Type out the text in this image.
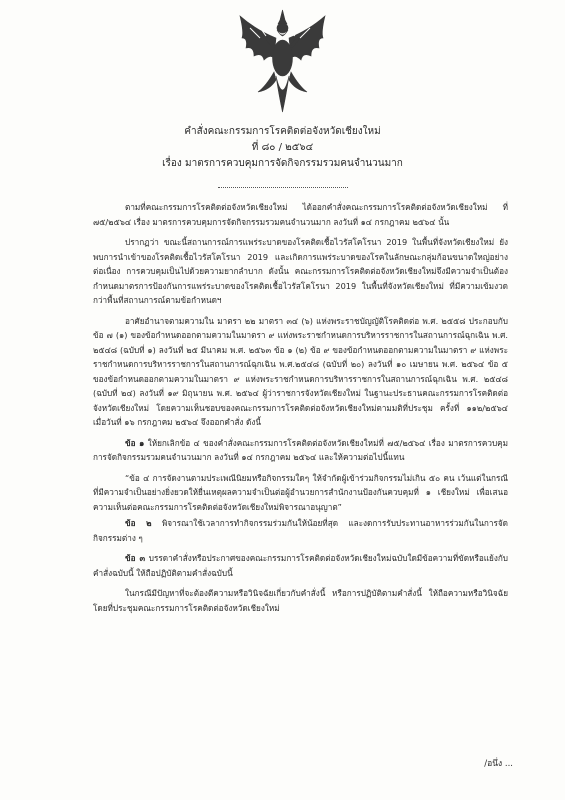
คำสั่งคณะกรรมการโรคติดต่อจังหวัดเชียงใหม่
ที่ ๘๐ / ๒๕๖๔
เรื่อง มาตรการควบคุมการจัดกิจกรรมรวมคนจำนวนมาก

ตามที่คณะกรรมการโรคติดต่อจังหวัดเชียงใหม่ ได้ออกคำสั่งคณะกรรมการโรคติดต่อจังหวัดเชียงใหม่ ที่ ๗๕/๒๕๖๔ เรื่อง มาตรการควบคุมการจัดกิจกรรมรวมคนจำนวนมาก ลงวันที่ ๑๔ กรกฎาคม ๒๕๖๔ นั้น

ปรากฏว่า ขณะนี้สถานการณ์การแพร่ระบาดของโรคติดเชื้อไวรัสโคโรนา 2019 ในพื้นที่จังหวัดเชียงใหม่ ยังพบการนำเข้าของโรคติดเชื้อไวรัสโคโรนา 2019 และเกิดการแพร่ระบาดของโรคในลักษณะกลุ่มก้อนขนาดใหญ่อย่างต่อเนื่อง การควบคุมเป็นไปด้วยความยากลำบาก ดังนั้น คณะกรรมการโรคติดต่อจังหวัดเชียงใหม่จึงมีความจำเป็นต้องกำหนดมาตรการป้องกันการแพร่ระบาดของโรคติดเชื้อไวรัสโคโรนา 2019 ในพื้นที่จังหวัดเชียงใหม่ ที่มีความเข้มงวดกว่าพื้นที่สถานการณ์ตามข้อกำหนดฯ

อาศัยอำนาจตามความใน มาตรา ๒๒ มาตรา ๓๔ (๖) แห่งพระราชบัญญัติโรคติดต่อ พ.ศ. ๒๕๕๘ ประกอบกับข้อ ๗ (๑) ของข้อกำหนดออกตามความในมาตรา ๙ แห่งพระราชกำหนดการบริหารราชการในสถานการณ์ฉุกเฉิน พ.ศ. ๒๕๔๘ (ฉบับที่ ๑) ลงวันที่ ๒๕ มีนาคม พ.ศ. ๒๕๖๓ ข้อ ๑ (๒) ข้อ ๙ ของข้อกำหนดออกตามความในมาตรา ๙ แห่งพระราชกำหนดการบริหารราชการในสถานการณ์ฉุกเฉิน พ.ศ.๒๕๔๘ (ฉบับที่ ๒๐) ลงวันที่ ๑๐ เมษายน พ.ศ. ๒๕๖๔ ข้อ ๕ ของข้อกำหนดออกตามความในมาตรา ๙ แห่งพระราชกำหนดการบริหารราชการในสถานการณ์ฉุกเฉิน พ.ศ. ๒๕๔๘ (ฉบับที่ ๒๔) ลงวันที่ ๑๙ มิถุนายน พ.ศ. ๒๕๖๔ ผู้ว่าราชการจังหวัดเชียงใหม่ ในฐานะประธานคณะกรรมการโรคติดต่อจังหวัดเชียงใหม่ โดยความเห็นชอบของคณะกรรมการโรคติดต่อจังหวัดเชียงใหม่ตามมติที่ประชุม ครั้งที่ ๑๑๒/๒๕๖๔ เมื่อวันที่ ๑๖ กรกฎาคม ๒๕๖๔ จึงออกคำสั่ง ดังนี้

ข้อ ๑ ให้ยกเลิกข้อ ๔ ของคำสั่งคณะกรรมการโรคติดต่อจังหวัดเชียงใหม่ที่ ๗๕/๒๕๖๔ เรื่อง มาตรการควบคุมการจัดกิจกรรมรวมคนจำนวนมาก ลงวันที่ ๑๔ กรกฎาคม ๒๕๖๔ และให้ความต่อไปนี้แทน

“ข้อ ๔ การจัดงานตามประเพณีนิยมหรือกิจกรรมใดๆ ให้จำกัดผู้เข้าร่วมกิจกรรมไม่เกิน ๕๐ คน เว้นแต่ในกรณีที่มีความจำเป็นอย่างยิ่งยวดให้ยื่นเหตุผลความจำเป็นต่อผู้อำนวยการสำนักงานป้องกันควบคุมที่ ๑ เชียงใหม่ เพื่อเสนอความเห็นต่อคณะกรรมการโรคติดต่อจังหวัดเชียงใหม่พิจารณาอนุญาต”

ข้อ ๒ พิจารณาใช้เวลาการทำกิจกรรมร่วมกันให้น้อยที่สุด และงดการรับประทานอาหารร่วมกันในการจัดกิจกรรมต่าง ๆ

ข้อ ๓ บรรดาคำสั่งหรือประกาศของคณะกรรมการโรคติดต่อจังหวัดเชียงใหม่ฉบับใดมีข้อความที่ขัดหรือแย้งกับคำสั่งฉบับนี้ ให้ถือปฏิบัติตามคำสั่งฉบับนี้

ในกรณีมีปัญหาที่จะต้องตีความหรือวินิจฉัยเกี่ยวกับคำสั่งนี้ หรือการปฏิบัติตามคำสั่งนี้ ให้ถือความหรือวินิจฉัยโดยที่ประชุมคณะกรรมการโรคติดต่อจังหวัดเชียงใหม่

/อนึ่ง ...
